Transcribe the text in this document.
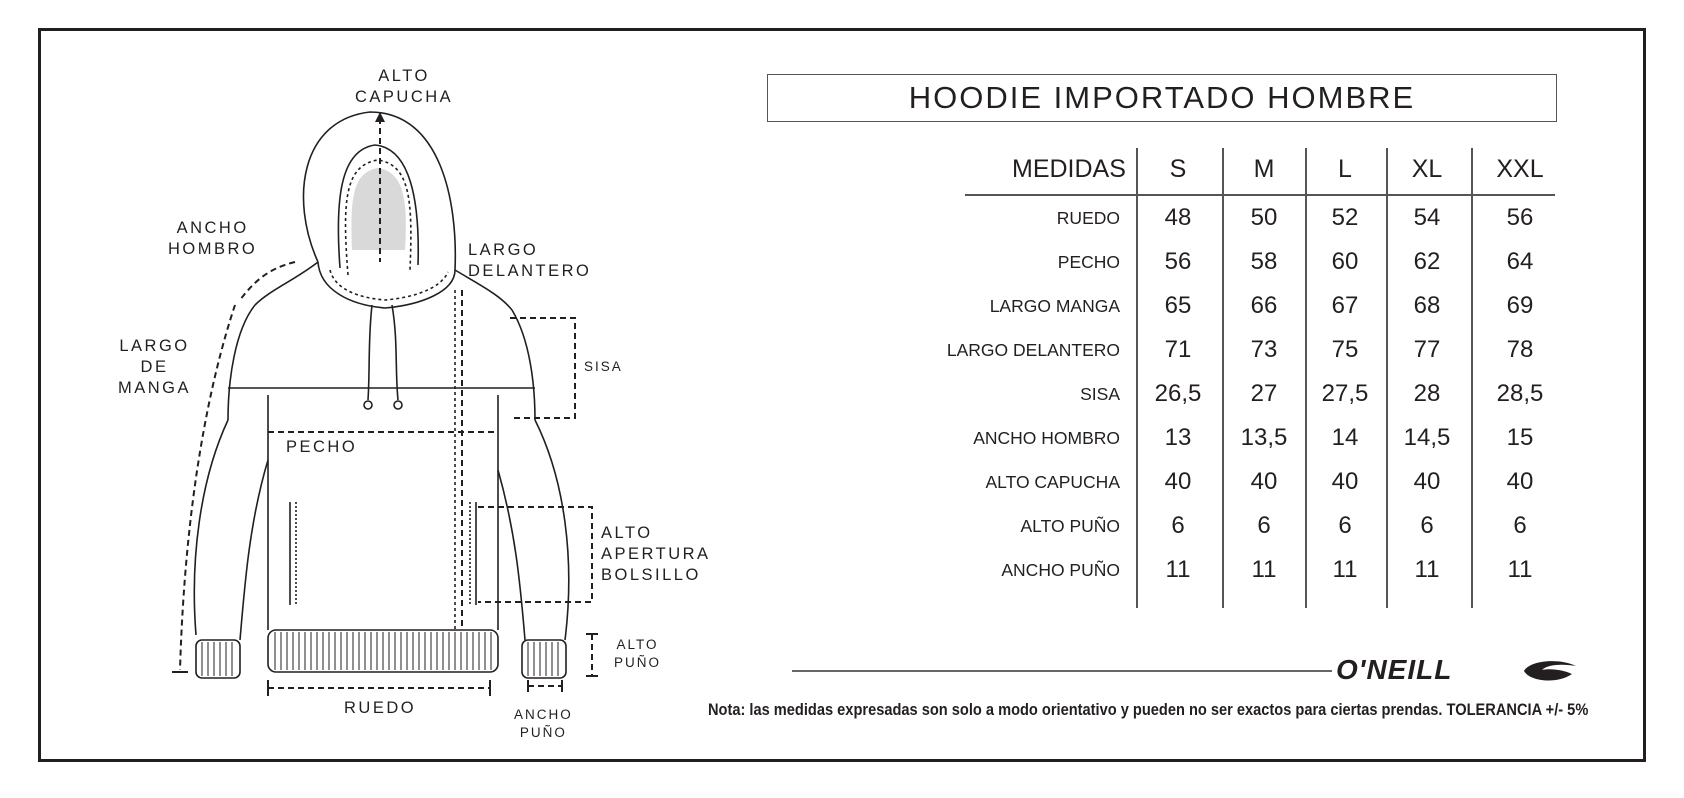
ALTO
CAPUCHA
ANCHO
HOMBRO	LARGO
DELANTERO
LARGO
DE
MANGA
SISA
PECHO
ALTO
APERTURA
BOLSILLO
ALTO
PUÑO
RUEDO	ANCHO
PUÑO
HOODIE IMPORTADO HOMBRE
MEDIDAS	S	M	L	XL	XXL
RUEDO	48	50	52	54	56
PECHO	56	58	60	62	64
LARGO MANGA	65	66	67	68	69
LARGO DELANTERO	71	73	75	77	78
SISA	26,5	27	27,5	28	28,5
ANCHO HOMBRO	13	13,5	14	14,5	15
ALTO CAPUCHA	40	40	40	40	40
ALTO PUÑO	6	6	6	6	6
ANCHO PUÑO	11	11	11	11	11
O'NEILL
Nota: las medidas expresadas son solo a modo orientativo y pueden no ser exactos para ciertas prendas. TOLERANCIA +/- 5%
